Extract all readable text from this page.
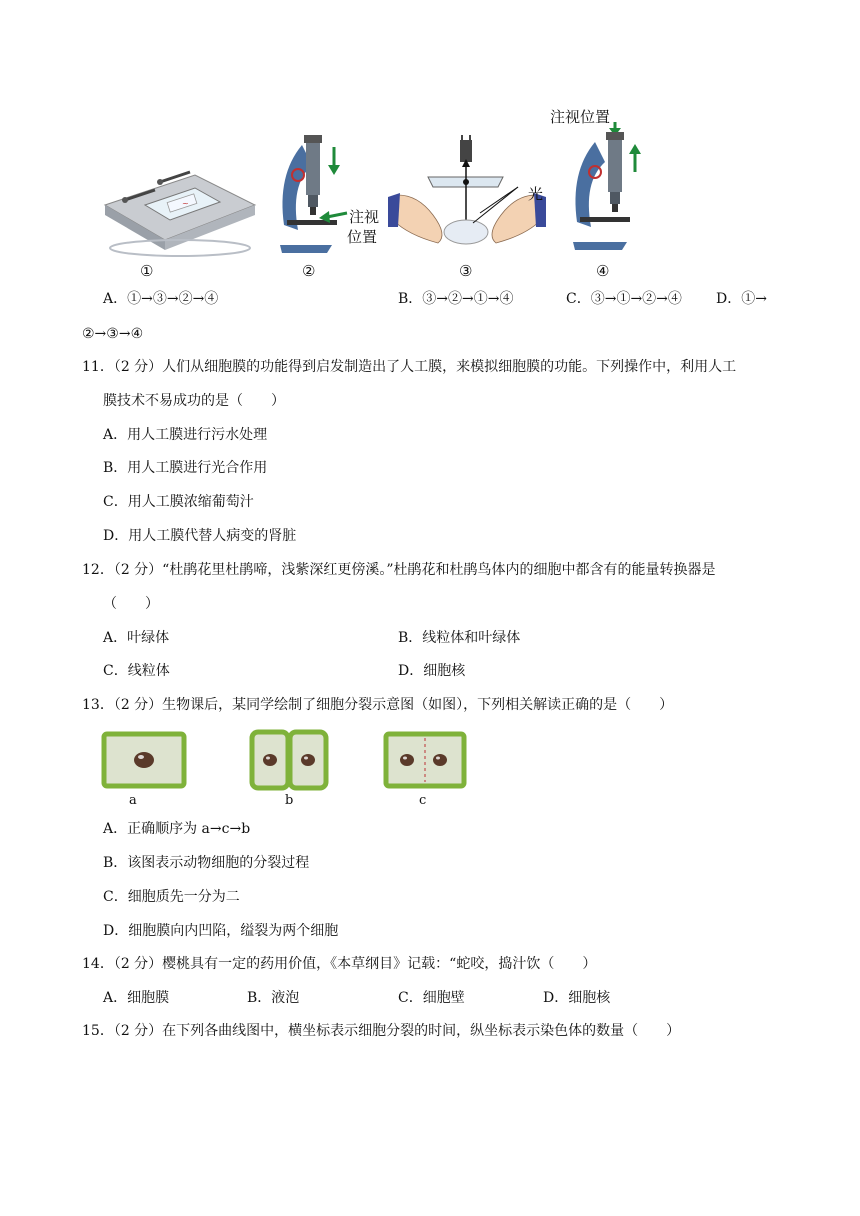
~
①
注视
位置
②
光
③
注视位置
④
A．①→③→②→④	B．③→②→①→④	C．③→①→②→④ D．①→
②→③→④
11．（2 分）人们从细胞膜的功能得到启发制造出了人工膜，来模拟细胞膜的功能。下列操作中，利用人工
膜技术不易成功的是（　　）
A．用人工膜进行污水处理
B．用人工膜进行光合作用
C．用人工膜浓缩葡萄汁
D．用人工膜代替人病变的肾脏
12．（2 分）“杜鹃花里杜鹃啼，浅紫深红更傍溪。”杜鹃花和杜鹃鸟体内的细胞中都含有的能量转换器是
（　　）
A．叶绿体	B．线粒体和叶绿体
C．线粒体	D．细胞核
13．（2 分）生物课后，某同学绘制了细胞分裂示意图（如图），下列相关解读正确的是（　　）
a	b	c
A．正确顺序为 a→c→b
B．该图表示动物细胞的分裂过程
C．细胞质先一分为二
D．细胞膜向内凹陷，缢裂为两个细胞
14．（2 分）樱桃具有一定的药用价值，《本草纲目》记载：“蛇咬，捣汁饮（　　）
A．细胞膜	B．液泡	C．细胞壁	D．细胞核
15．（2 分）在下列各曲线图中，横坐标表示细胞分裂的时间，纵坐标表示染色体的数量（　　）
